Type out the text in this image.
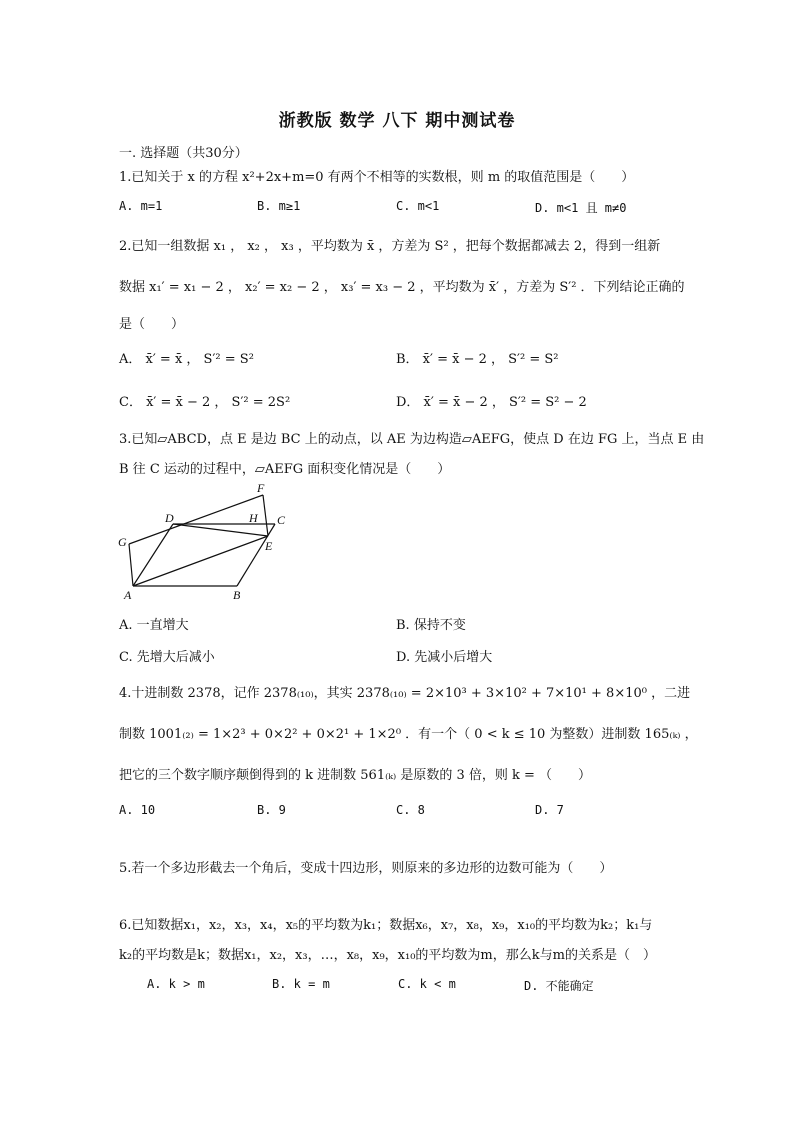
浙教版 数学 八下 期中测试卷
一. 选择题（共30分）
1.已知关于 x 的方程 x²+2x+m=0 有两个不相等的实数根，则 m 的取值范围是（　　）
A. m=1	B. m≥1	C. m<1	D. m<1 且 m≠0
2.已知一组数据 x₁ ， x₂ ， x₃ ，平均数为 x̄ ，方差为 S² ，把每个数据都减去 2，得到一组新
数据 x₁′ = x₁ − 2 ， x₂′ = x₂ − 2 ， x₃′ = x₃ − 2 ，平均数为 x̄′ ，方差为 S′² ．下列结论正确的
是（　　）
A． x̄′ = x̄ ， S′² = S²	B． x̄′ = x̄ − 2 ， S′² = S²
C． x̄′ = x̄ − 2 ， S′² = 2S²	D． x̄′ = x̄ − 2 ， S′² = S² − 2
3.已知▱ABCD，点 E 是边 BC 上的动点，以 AE 为边构造▱AEFG，使点 D 在边 FG 上，当点 E 由
B 往 C 运动的过程中，▱AEFG 面积变化情况是（　　）
F
D	H C
G	E
A	B
A. 一直增大	B. 保持不变
C. 先增大后减小	D. 先减小后增大
4.十进制数 2378，记作 2378₍₁₀₎，其实 2378₍₁₀₎ = 2×10³ + 3×10² + 7×10¹ + 8×10⁰ ，二进
制数 1001₍₂₎ = 1×2³ + 0×2² + 0×2¹ + 1×2⁰ ．有一个（ 0 < k ≤ 10 为整数）进制数 165₍ₖ₎ ，
把它的三个数字顺序颠倒得到的 k 进制数 561₍ₖ₎ 是原数的 3 倍，则 k = （　　）
A. 10	B. 9	C. 8	D. 7
5.若一个多边形截去一个角后，变成十四边形，则原来的多边形的边数可能为（　　）
6.已知数据x₁，x₂，x₃，x₄，x₅的平均数为k₁；数据x₆，x₇，x₈，x₉，x₁₀的平均数为k₂；k₁与
k₂的平均数是k；数据x₁，x₂，x₃，…，x₈，x₉，x₁₀的平均数为m，那么k与m的关系是（　）
A. k > m	B. k = m	C. k < m	D. 不能确定
